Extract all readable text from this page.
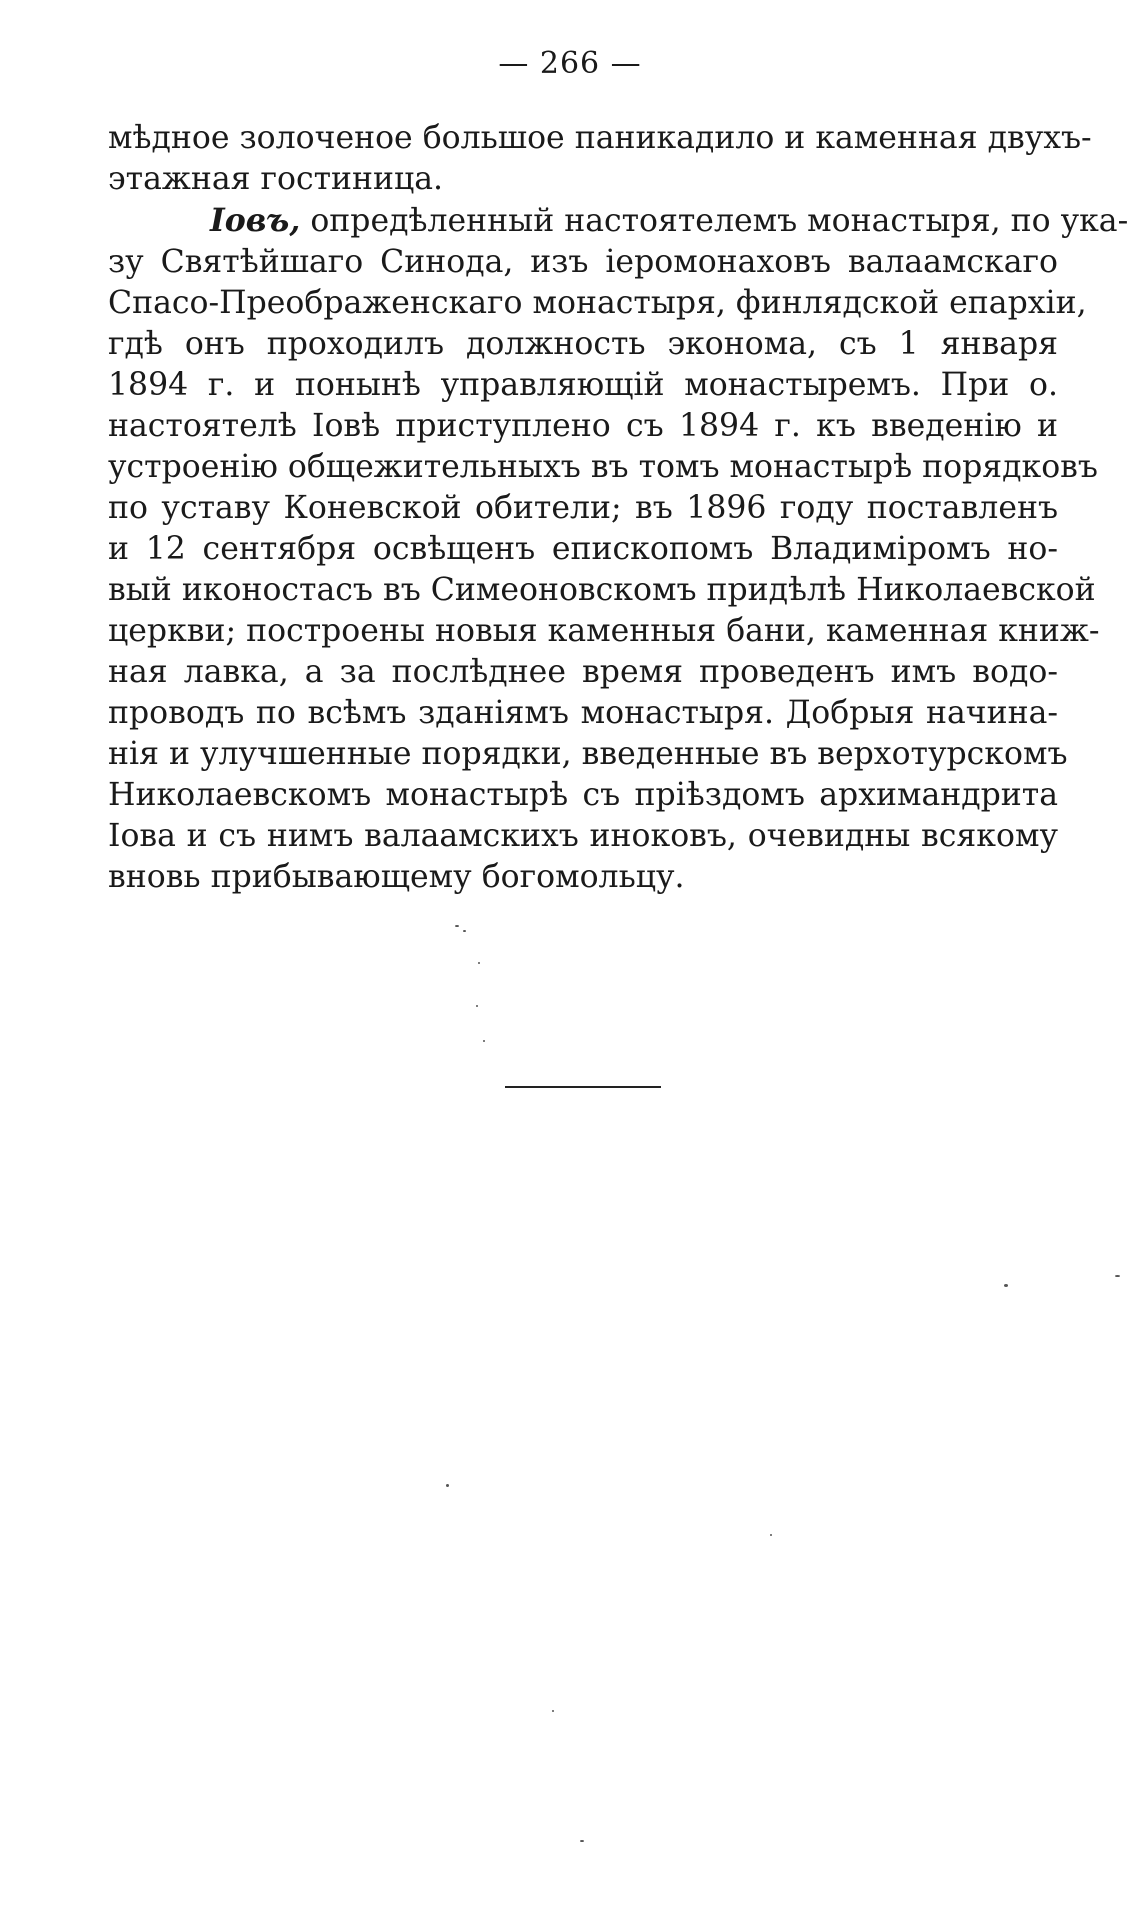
— 266 —
мѣдное золоченое большое паникадило и каменная двухъ-
этажная гостиница.
Іовъ, опредѣленный настоятелемъ монастыря, по ука-
зу Святѣйшаго Синода, изъ іеромонаховъ валаамскаго
Спасо-Преображенскаго монастыря, финлядской епархіи,
гдѣ онъ проходилъ должность эконома, съ 1 января
1894 г. и понынѣ управляющій монастыремъ. При о.
настоятелѣ Іовѣ приступлено съ 1894 г. къ введенію и
устроенію общежительныхъ въ томъ монастырѣ порядковъ
по уставу Коневской обители; въ 1896 году поставленъ
и 12 сентября освѣщенъ епископомъ Владиміромъ но-
вый иконостасъ въ Симеоновскомъ придѣлѣ Николаевской
церкви; построены новыя каменныя бани, каменная книж-
ная лавка, а за послѣднее время проведенъ имъ водо-
проводъ по всѣмъ зданіямъ монастыря. Добрыя начина-
нія и улучшенные порядки, введенные въ верхотурскомъ
Николаевскомъ монастырѣ съ пріѣздомъ архимандрита
Іова и съ нимъ валаамскихъ иноковъ, очевидны всякому
вновь прибывающему богомольцу.
